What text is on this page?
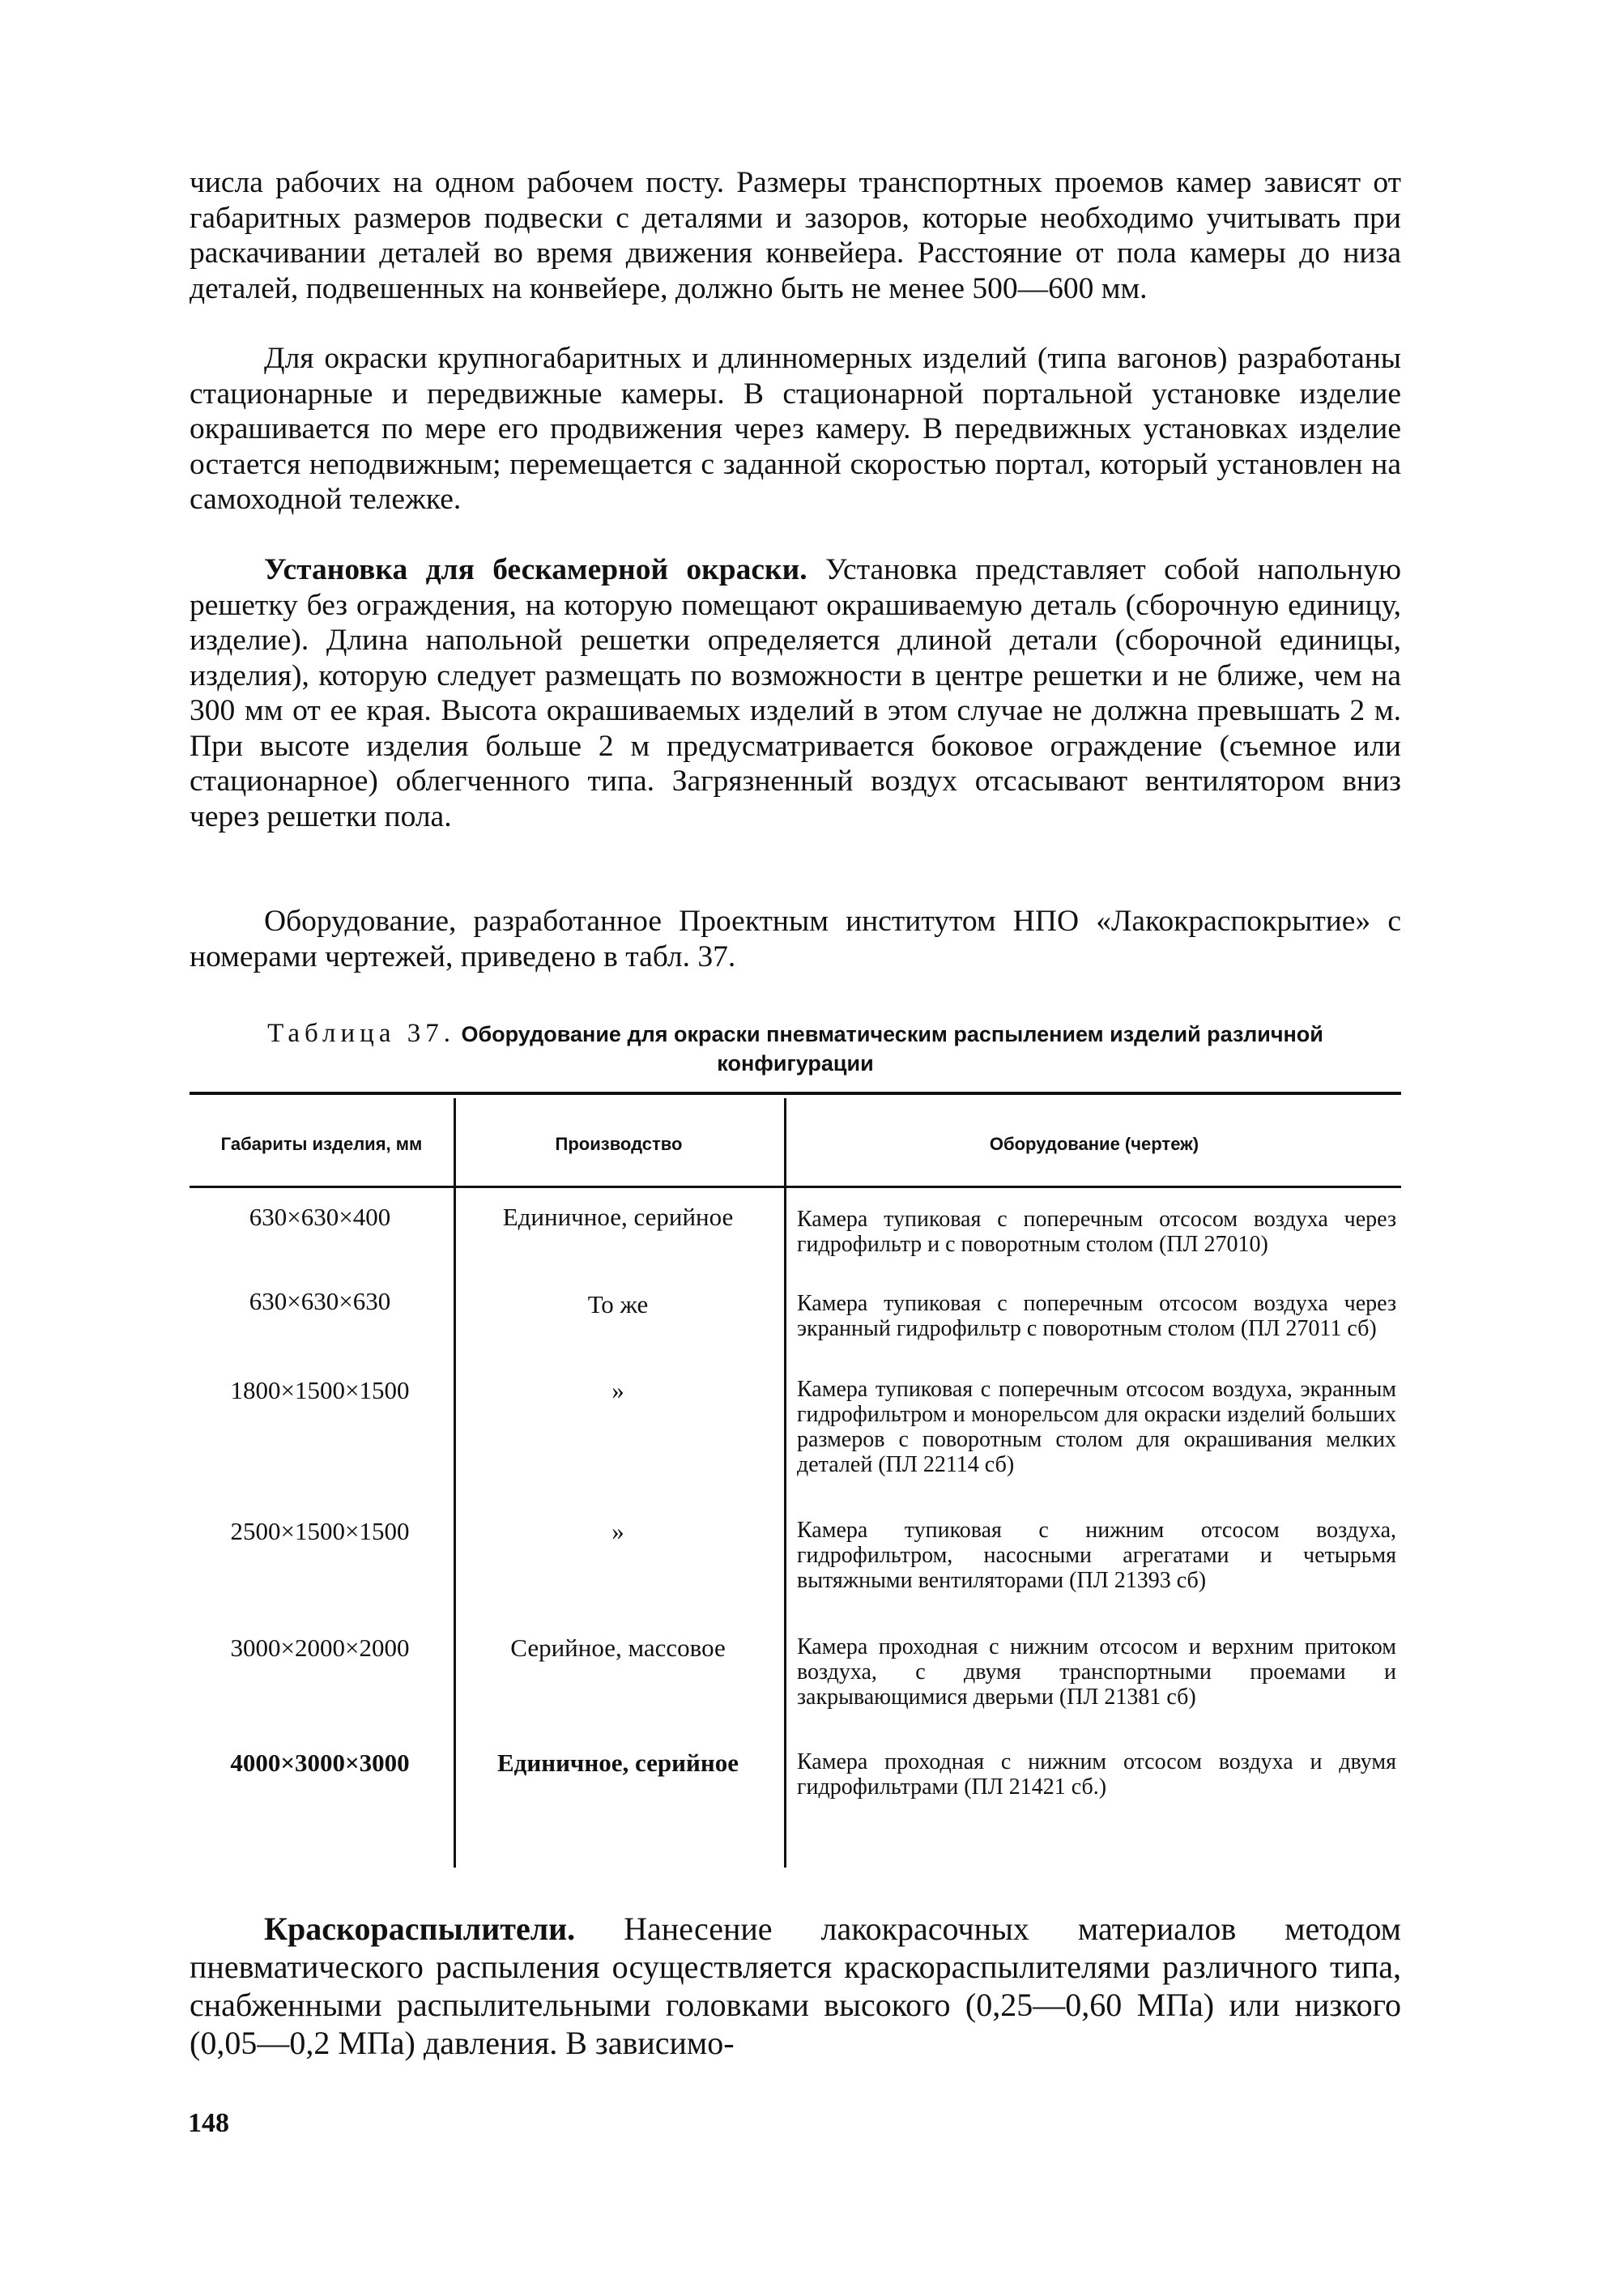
числа рабочих на одном рабочем посту. Размеры транспортных проемов камер зависят от габаритных размеров подвески с деталями и зазоров, которые необходимо учитывать при раскачивании деталей во время движения конвейера. Расстояние от пола камеры до низа деталей, подвешенных на конвейере, должно быть не менее 500—600 мм.

Для окраски крупногабаритных и длинномерных изделий (типа вагонов) разработаны стационарные и передвижные камеры. В стационарной портальной установке изделие окрашивается по мере его продвижения через камеру. В передвижных установках изделие остается неподвижным; перемещается с заданной скоростью портал, который установлен на самоходной тележке.

Установка для бескамерной окраски. Установка представляет собой напольную решетку без ограждения, на которую помещают окрашиваемую деталь (сборочную единицу, изделие). Длина напольной решетки определяется длиной детали (сборочной единицы, изделия), которую следует размещать по возможности в центре решетки и не ближе, чем на 300 мм от ее края. Высота окрашиваемых изделий в этом случае не должна превышать 2 м. При высоте изделия больше 2 м предусматривается боковое ограждение (съемное или стационарное) облегченного типа. Загрязненный воздух отсасывают вентилятором вниз через решетки пола.

Оборудование, разработанное Проектным институтом НПО «Лакокраспокрытие» с номерами чертежей, приведено в табл. 37.

Таблица 37. Оборудование для окраски пневматическим распылением изделий различной конфигурации
Габариты изделия, мм	Производство	Оборудование (чертеж)
630×630×400	Единичное, серийное	Камера тупиковая с поперечным отсосом воздуха через гидрофильтр и с поворотным столом (ПЛ 27010)
630×630×630	То же	Камера тупиковая с поперечным отсосом воздуха через экранный гидрофильтр с поворотным столом (ПЛ 27011 сб)
1800×1500×1500	»	Камера тупиковая с поперечным отсосом воздуха, экранным гидрофильтром и монорельсом для окраски изделий больших размеров с поворотным столом для окрашивания мелких деталей (ПЛ 22114 сб)
2500×1500×1500	»	Камера тупиковая с нижним отсосом воздуха, гидрофильтром, насосными агрегатами и четырьмя вытяжными вентиляторами (ПЛ 21393 сб)
3000×2000×2000	Серийное, массовое	Камера проходная с нижним отсосом и верхним притоком воздуха, с двумя транспортными проемами и закрывающимися дверьми (ПЛ 21381 сб)
4000×3000×3000	Единичное, серийное	Камера проходная с нижним отсосом воздуха и двумя гидрофильтрами (ПЛ 21421 сб.)

Краскораспылители. Нанесение лакокрасочных материалов методом пневматического распыления осуществляется краскораспылителями различного типа, снабженными распылительными головками высокого (0,25—0,60 МПа) или низкого (0,05—0,2 МПа) давления. В зависимо-

148
